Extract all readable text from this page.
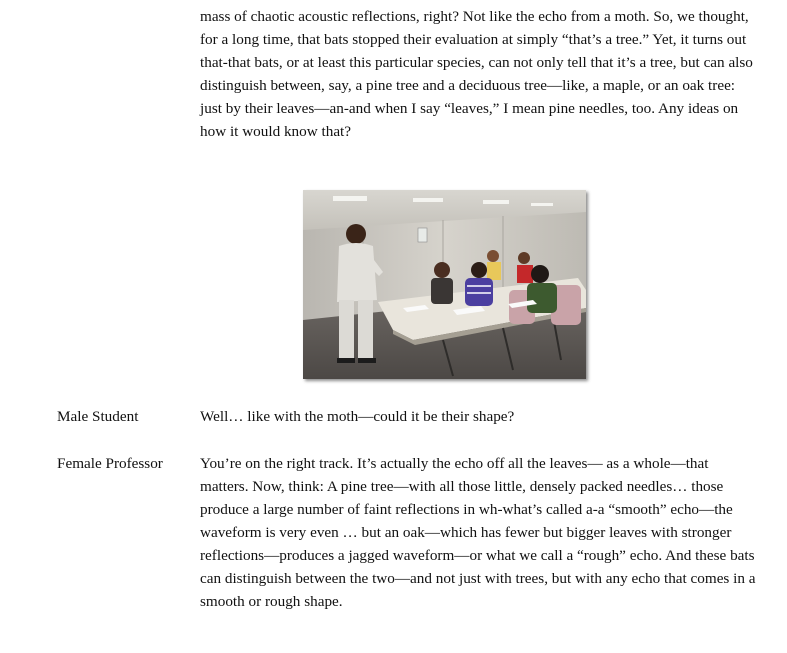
mass of chaotic acoustic reflections, right? Not like the echo from a moth. So, we thought, for a long time, that bats stopped their evaluation at simply “that’s a tree.” Yet, it turns out that-that bats, or at least this particular species, can not only tell that it’s a tree, but can also distinguish between, say, a pine tree and a deciduous tree—like, a maple, or an oak tree: just by their leaves—an-and when I say “leaves,” I mean pine needles, too. Any ideas on how it would know that?

Male Student	Well… like with the moth—could it be their shape?

Female Professor You’re on the right track. It’s actually the echo off all the leaves— as a whole—that matters. Now, think: A pine tree—with all those little, densely packed needles… those produce a large number of faint reflections in wh-what’s called a-a “smooth” echo—the waveform is very even … but an oak—which has fewer but bigger leaves with stronger reflections—produces a jagged waveform—or what we call a “rough” echo. And these bats can distinguish between the two—and not just with trees, but with any echo that comes in a smooth or rough shape.
